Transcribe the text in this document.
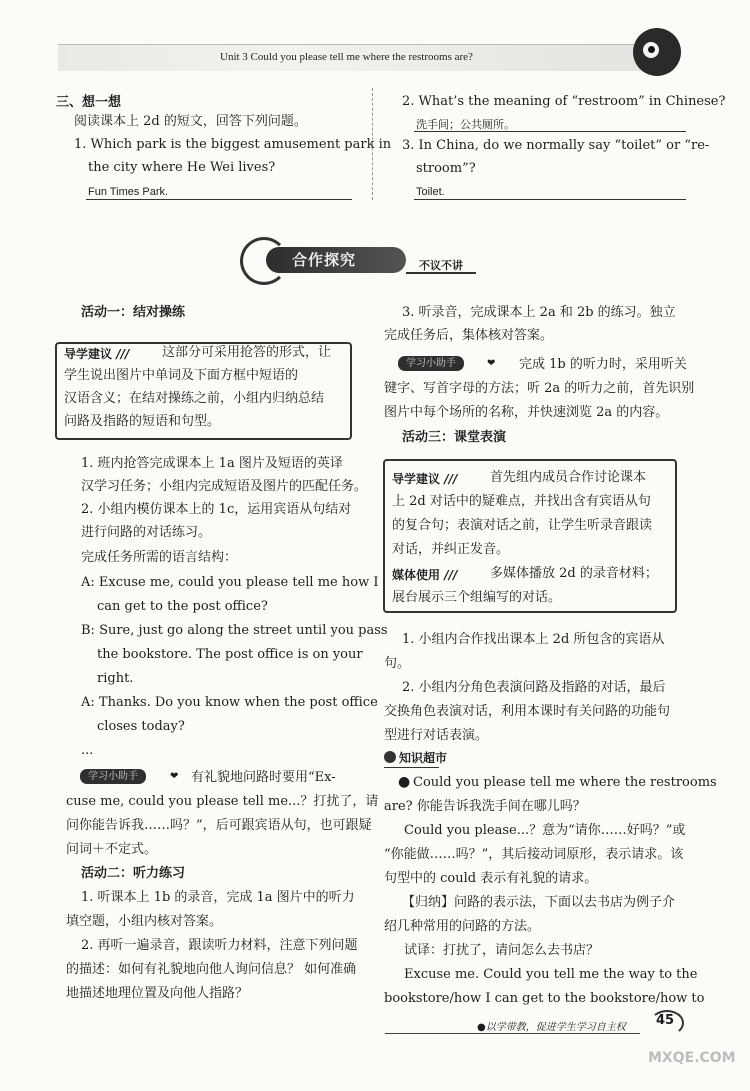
Unit 3 Could you please tell me where the restrooms are?
三、想一想
阅读课本上 2d 的短文，回答下列问题。
1. Which park is the biggest amusement park in
the city where He Wei lives?
Fun Times Park.
2. What’s the meaning of “restroom” in Chinese?
洗手间；公共厕所。
3. In China, do we normally say “toilet” or “re-
stroom”?
Toilet.
合作探究	不议不讲
活动一：结对操练
导学建议 ///	这部分可采用抢答的形式，让
学生说出图片中单词及下面方框中短语的
汉语含义；在结对操练之前，小组内归纳总结
问路及指路的短语和句型。
1. 班内抢答完成课本上 1a 图片及短语的英译
汉学习任务；小组内完成短语及图片的匹配任务。
2. 小组内模仿课本上的 1c，运用宾语从句结对
进行问路的对话练习。
完成任务所需的语言结构：
A: Excuse me, could you please tell me how I
can get to the post office?
B: Sure, just go along the street until you pass
the bookstore. The post office is on your
right.
A: Thanks. Do you know when the post office
closes today?
...
学习小助手	❤ 有礼貌地问路时要用“Ex-
cuse me, could you please tell me...？打扰了，请
问你能告诉我……吗？”，后可跟宾语从句，也可跟疑
问词＋不定式。
活动二：听力练习
1. 听课本上 1b 的录音，完成 1a 图片中的听力
填空题，小组内核对答案。
2. 再听一遍录音，跟读听力材料，注意下列问题
的描述：如何有礼貌地向他人询问信息？ 如何准确
地描述地理位置及向他人指路？
3. 听录音，完成课本上 2a 和 2b 的练习。独立
完成任务后，集体核对答案。
学习小助手	❤ 完成 1b 的听力时，采用听关
键字、写首字母的方法；听 2a 的听力之前，首先识别
图片中每个场所的名称，并快速浏览 2a 的内容。
活动三：课堂表演
导学建议 ///	首先组内成员合作讨论课本
上 2d 对话中的疑难点，并找出含有宾语从句
的复合句；表演对话之前，让学生听录音跟读
对话，并纠正发音。
媒体使用 ///	多媒体播放 2d 的录音材料；
展台展示三个组编写的对话。
1. 小组内合作找出课本上 2d 所包含的宾语从
句。
2. 小组内分角色表演问路及指路的对话，最后
交换角色表演对话，利用本课时有关问路的功能句
型进行对话表演。
知识超市
● Could you please tell me where the restrooms
are? 你能告诉我洗手间在哪儿吗？
Could you please...？意为“请你……好吗？”或
“你能做……吗？”，其后接动词原形，表示请求。该
句型中的 could 表示有礼貌的请求。
【归纳】问路的表示法，下面以去书店为例子介
绍几种常用的问路的方法。
试译：打扰了，请问怎么去书店？
Excuse me. Could you tell me the way to the
bookstore/how I can get to the bookstore/how to
●以学带教，促进学生学习自主权 45
MXQE.COM
